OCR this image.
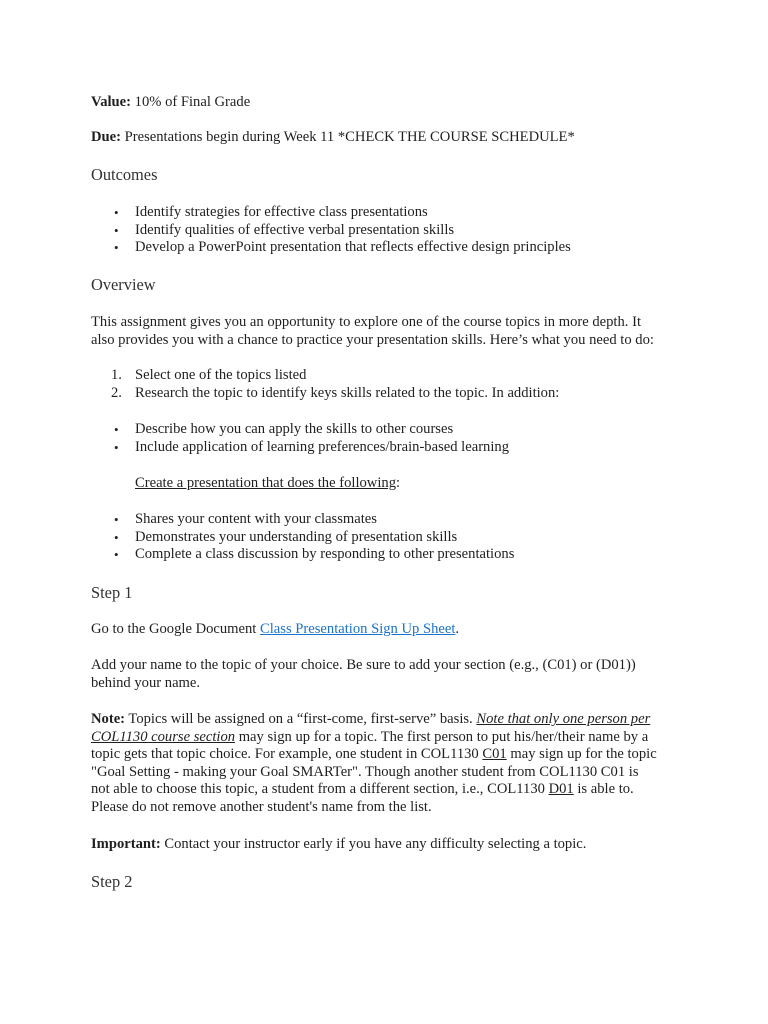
Value: 10% of Final Grade

Due: Presentations begin during Week 11 *CHECK THE COURSE SCHEDULE*

Outcomes

• Identify strategies for effective class presentations
• Identify qualities of effective verbal presentation skills
• Develop a PowerPoint presentation that reflects effective design principles

Overview

This assignment gives you an opportunity to explore one of the course topics in more depth. It
also provides you with a chance to practice your presentation skills. Here’s what you need to do:

1. Select one of the topics listed
2. Research the topic to identify keys skills related to the topic. In addition:
• Describe how you can apply the skills to other courses
• Include application of learning preferences/brain-based learning

Create a presentation that does the following:

• Shares your content with your classmates
• Demonstrates your understanding of presentation skills
• Complete a class discussion by responding to other presentations

Step 1

Go to the Google Document Class Presentation Sign Up Sheet.

Add your name to the topic of your choice. Be sure to add your section (e.g., (C01) or (D01))
behind your name.

Note: Topics will be assigned on a “first-come, first-serve” basis. Note that only one person per
COL1130 course section may sign up for a topic. The first person to put his/her/their name by a
topic gets that topic choice. For example, one student in COL1130 C01 may sign up for the topic
"Goal Setting - making your Goal SMARTer". Though another student from COL1130 C01 is
not able to choose this topic, a student from a different section, i.e., COL1130 D01 is able to.
Please do not remove another student's name from the list.

Important: Contact your instructor early if you have any difficulty selecting a topic.

Step 2
